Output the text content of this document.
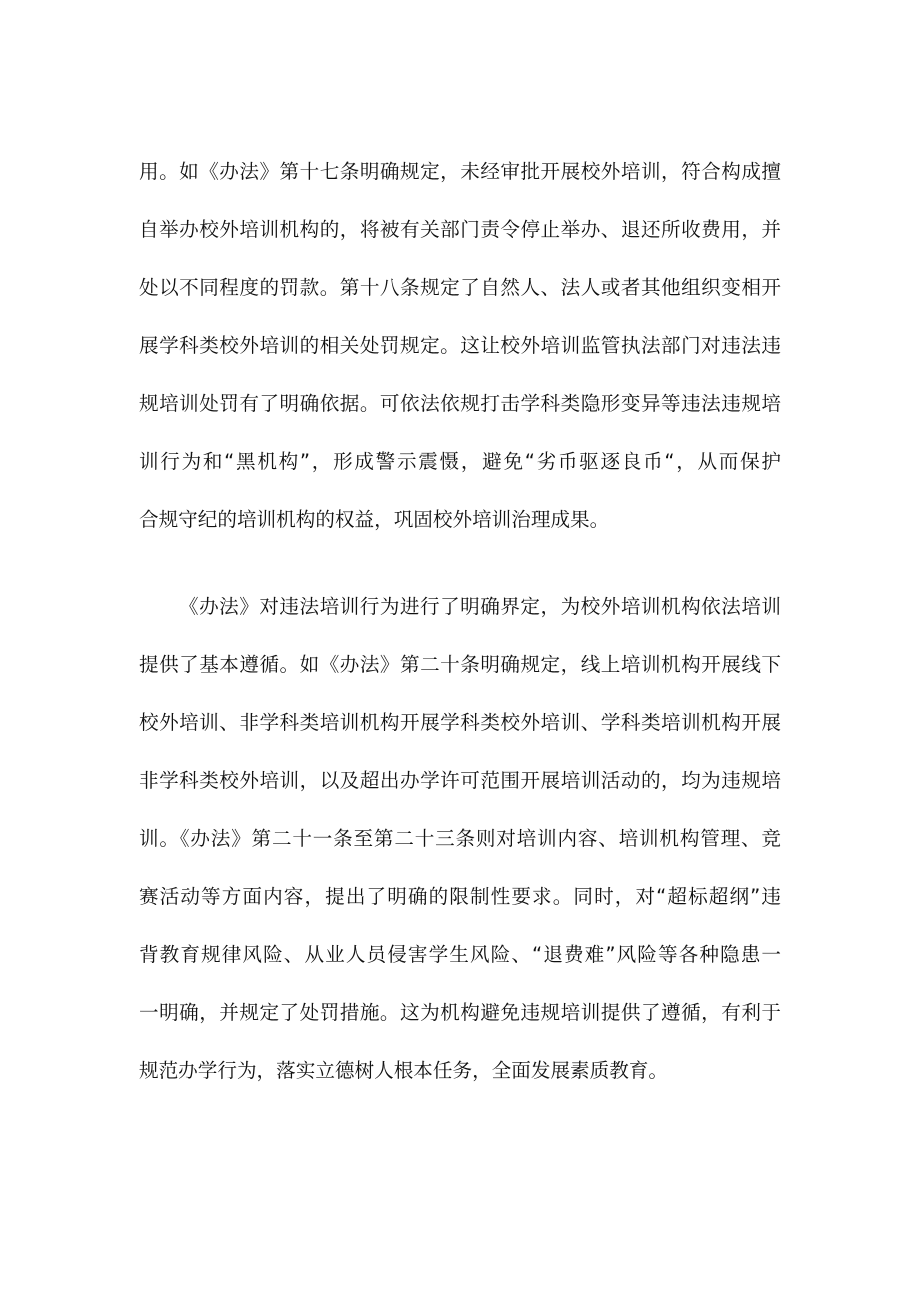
用。如《办法》第十七条明确规定，未经审批开展校外培训，符合构成擅
自举办校外培训机构的，将被有关部门责令停止举办、退还所收费用，并
处以不同程度的罚款。第十八条规定了自然人、法人或者其他组织变相开
展学科类校外培训的相关处罚规定。这让校外培训监管执法部门对违法违
规培训处罚有了明确依据。可依法依规打击学科类隐形变异等违法违规培
训行为和“黑机构”，形成警示震慑，避免“劣币驱逐良币“，从而保护
合规守纪的培训机构的权益，巩固校外培训治理成果。
《办法》对违法培训行为进行了明确界定，为校外培训机构依法培训
提供了基本遵循。如《办法》第二十条明确规定，线上培训机构开展线下
校外培训、非学科类培训机构开展学科类校外培训、学科类培训机构开展
非学科类校外培训，以及超出办学许可范围开展培训活动的，均为违规培
训。《办法》第二十一条至第二十三条则对培训内容、培训机构管理、竞
赛活动等方面内容，提出了明确的限制性要求。同时，对“超标超纲”违
背教育规律风险、从业人员侵害学生风险、“退费难”风险等各种隐患一
一明确，并规定了处罚措施。这为机构避免违规培训提供了遵循，有利于
规范办学行为，落实立德树人根本任务，全面发展素质教育。
